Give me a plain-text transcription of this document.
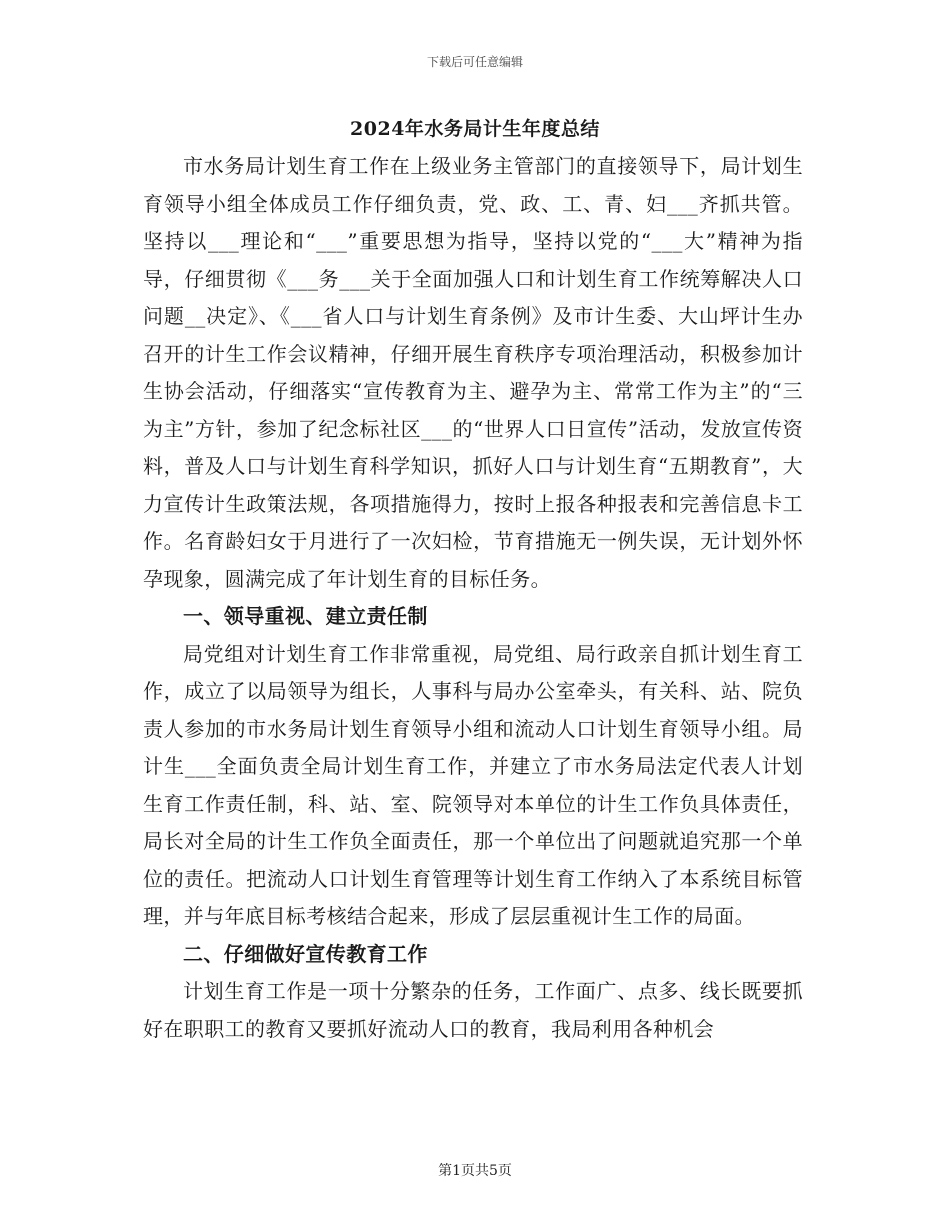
下载后可任意编辑
2024年水务局计生年度总结

市水务局计划生育工作在上级业务主管部门的直接领导下，局计划生育领导小组全体成员工作仔细负责，党、政、工、青、妇___齐抓共管。坚持以___理论和“___”重要思想为指导，坚持以党的“___大”精神为指导，仔细贯彻《___务___关于全面加强人口和计划生育工作统筹解决人口问题__决定》、《___省人口与计划生育条例》及市计生委、大山坪计生办召开的计生工作会议精神，仔细开展生育秩序专项治理活动，积极参加计生协会活动，仔细落实“宣传教育为主、避孕为主、常常工作为主”的“三为主”方针，参加了纪念标社区___的“世界人口日宣传”活动，发放宣传资料，普及人口与计划生育科学知识，抓好人口与计划生育“五期教育”，大力宣传计生政策法规，各项措施得力，按时上报各种报表和完善信息卡工作。名育龄妇女于月进行了一次妇检，节育措施无一例失误，无计划外怀孕现象，圆满完成了年计划生育的目标任务。

一、领导重视、建立责任制

局党组对计划生育工作非常重视，局党组、局行政亲自抓计划生育工作，成立了以局领导为组长，人事科与局办公室牵头，有关科、站、院负责人参加的市水务局计划生育领导小组和流动人口计划生育领导小组。局计生___全面负责全局计划生育工作，并建立了市水务局法定代表人计划生育工作责任制，科、站、室、院领导对本单位的计生工作负具体责任，局长对全局的计生工作负全面责任，那一个单位出了问题就追究那一个单位的责任。把流动人口计划生育管理等计划生育工作纳入了本系统目标管理，并与年底目标考核结合起来，形成了层层重视计生工作的局面。

二、仔细做好宣传教育工作

计划生育工作是一项十分繁杂的任务，工作面广、点多、线长既要抓好在职职工的教育又要抓好流动人口的教育，我局利用各种机会

第1页共5页
